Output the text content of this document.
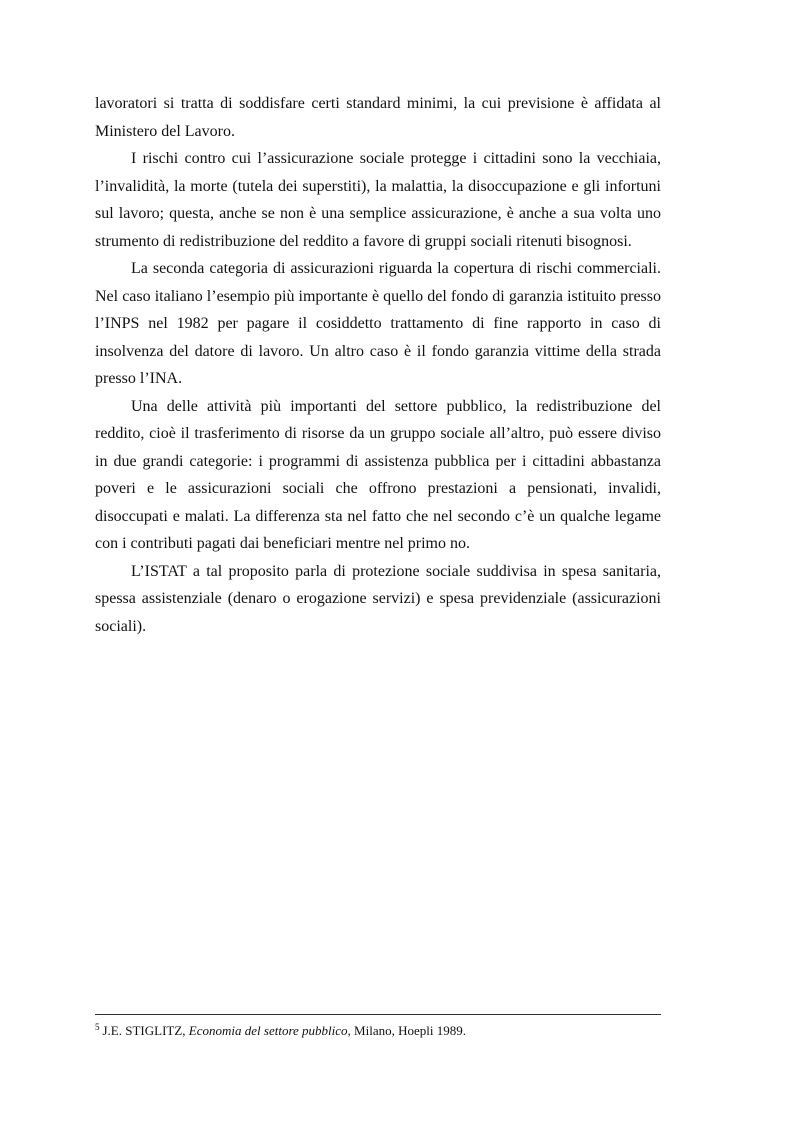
lavoratori si tratta di soddisfare certi standard minimi, la cui previsione è affidata al Ministero del Lavoro.

I rischi contro cui l’assicurazione sociale protegge i cittadini sono la vecchiaia, l’invalidità, la morte (tutela dei superstiti), la malattia, la disoccupazione e gli infortuni sul lavoro; questa, anche se non è una semplice assicurazione, è anche a sua volta uno strumento di redistribuzione del reddito a favore di gruppi sociali ritenuti bisognosi.

La seconda categoria di assicurazioni riguarda la copertura di rischi commerciali. Nel caso italiano l’esempio più importante è quello del fondo di garanzia istituito presso l’INPS nel 1982 per pagare il cosiddetto trattamento di fine rapporto in caso di insolvenza del datore di lavoro. Un altro caso è il fondo garanzia vittime della strada presso l’INA.

Una delle attività più importanti del settore pubblico, la redistribuzione del reddito, cioè il trasferimento di risorse da un gruppo sociale all’altro, può essere diviso in due grandi categorie: i programmi di assistenza pubblica per i cittadini abbastanza poveri e le assicurazioni sociali che offrono prestazioni a pensionati, invalidi, disoccupati e malati. La differenza sta nel fatto che nel secondo c’è un qualche legame con i contributi pagati dai beneficiari mentre nel primo no.

L’ISTAT a tal proposito parla di protezione sociale suddivisa in spesa sanitaria, spessa assistenziale (denaro o erogazione servizi) e spesa previdenziale (assicurazioni sociali).

$^5$ J.E. STIGLITZ, Economia del settore pubblico, Milano, Hoepli 1989.
